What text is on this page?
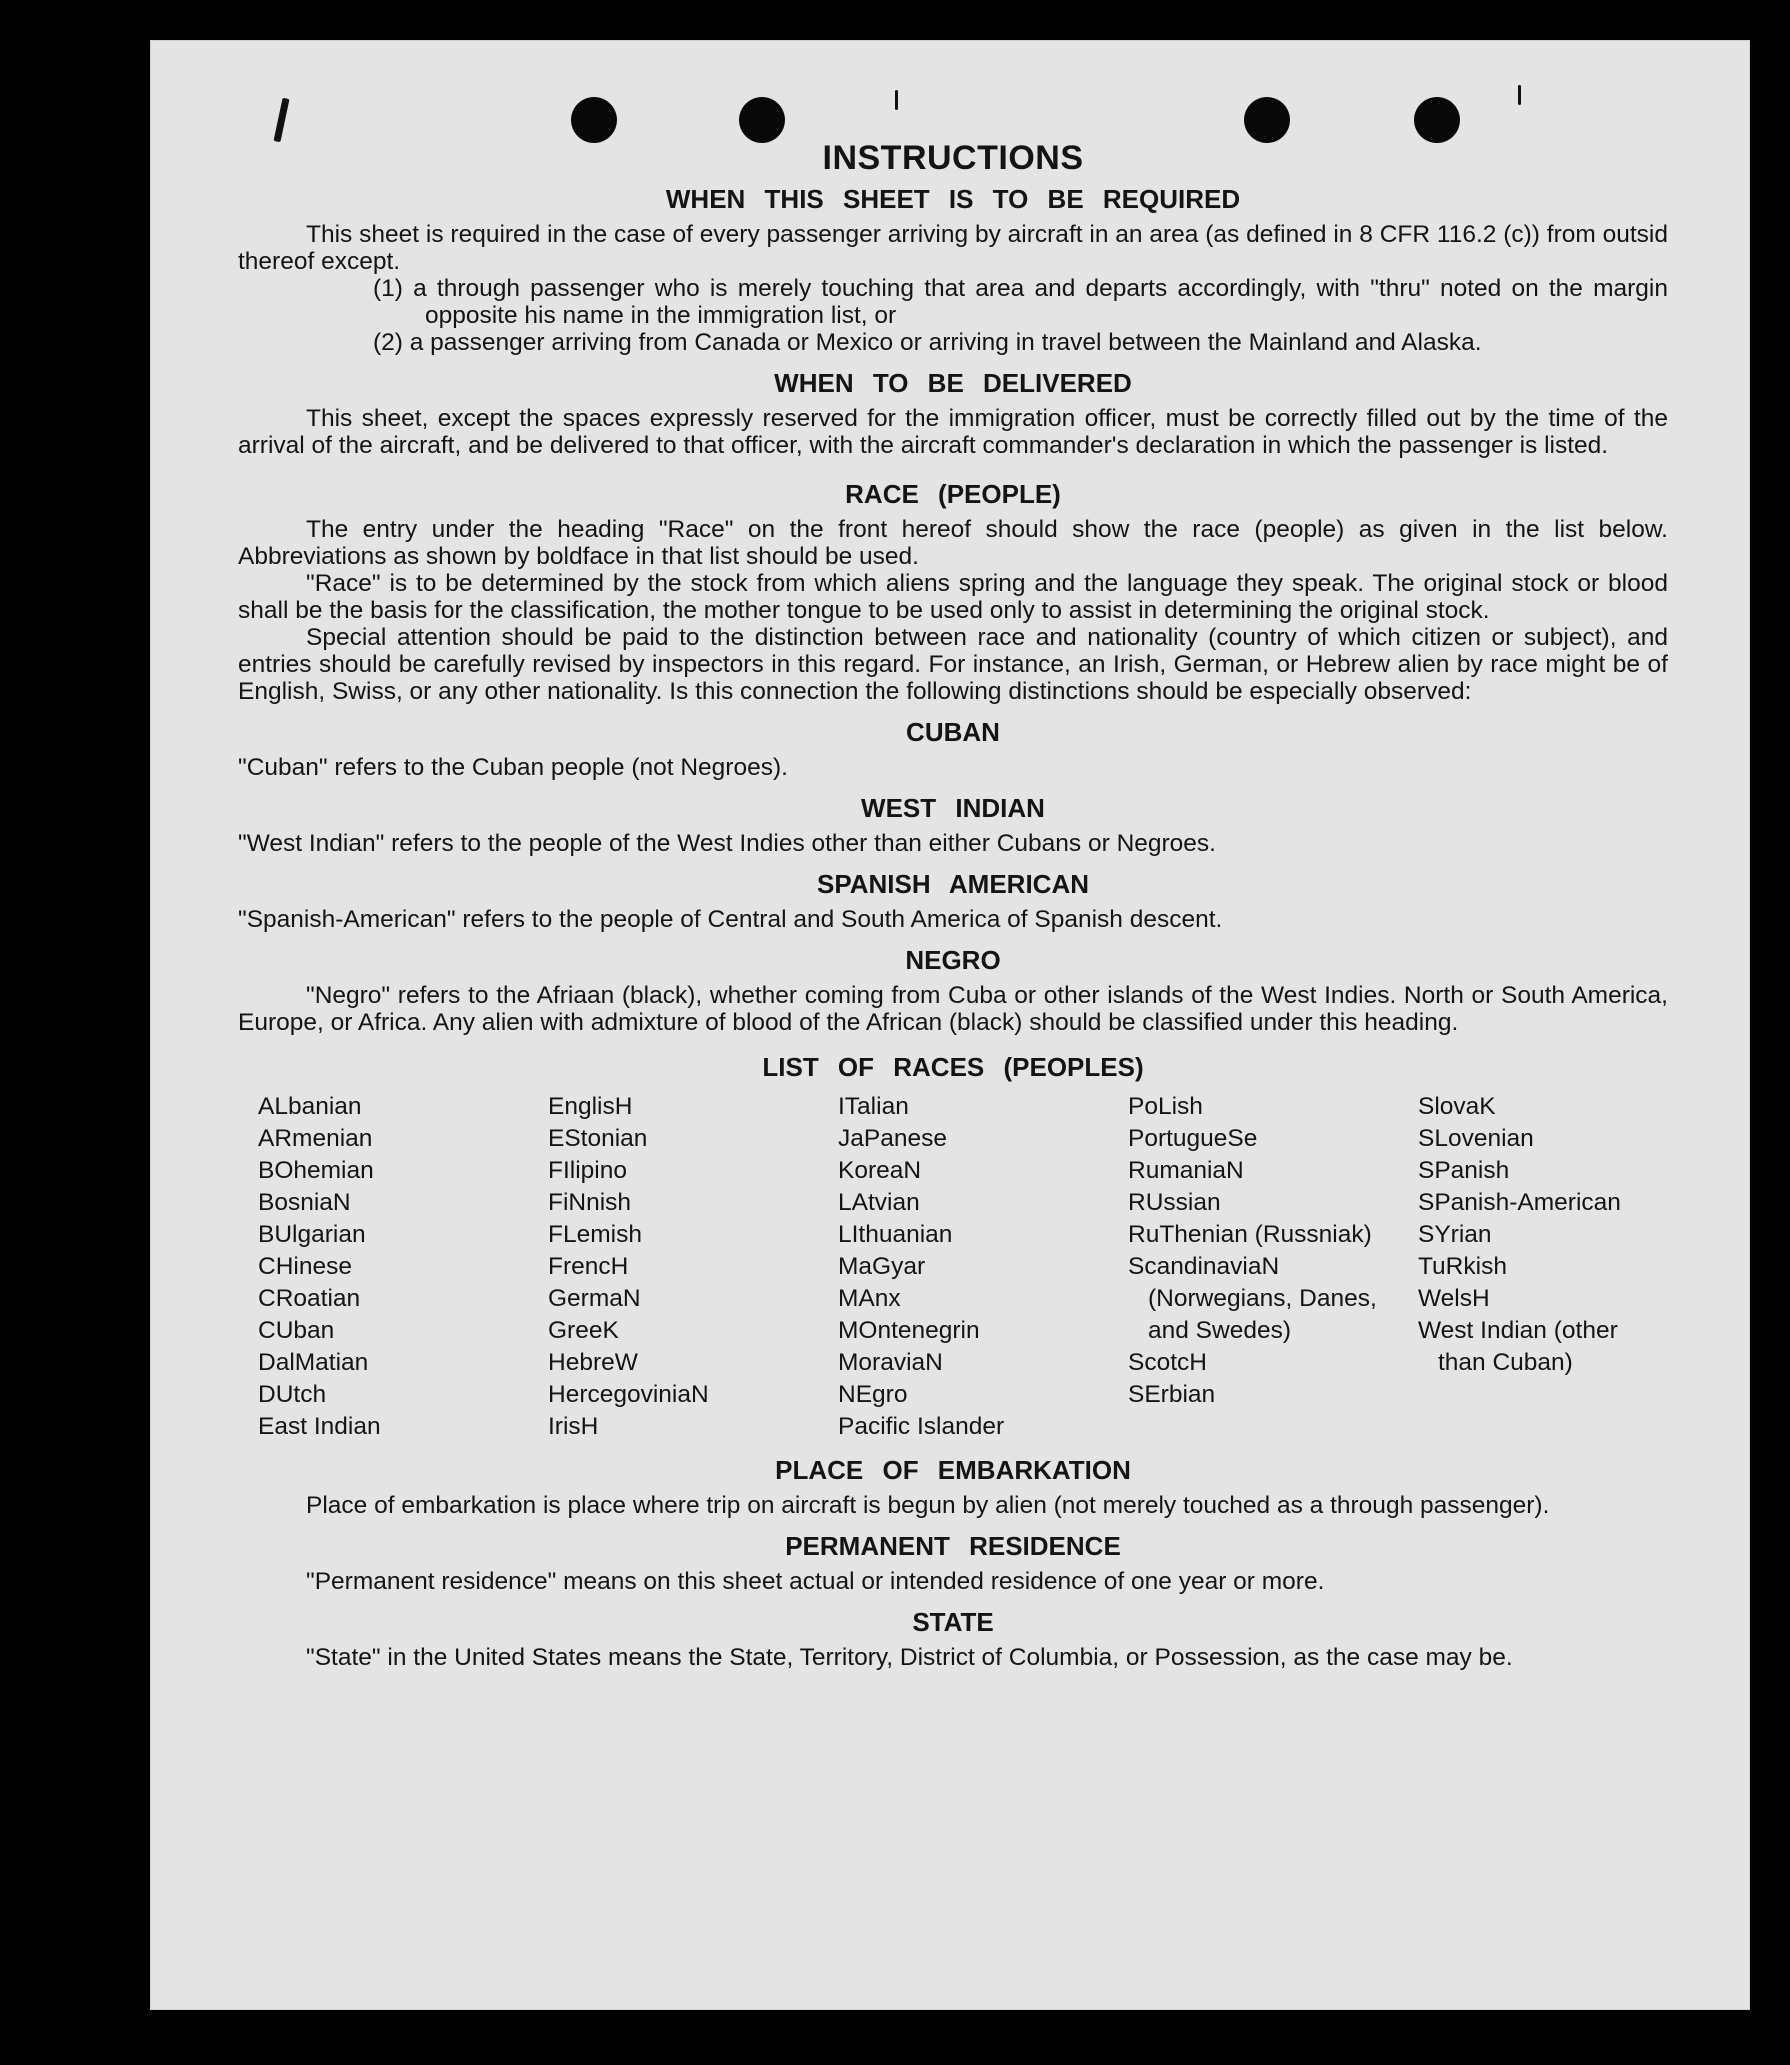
INSTRUCTIONS
WHEN THIS SHEET IS TO BE REQUIRED

This sheet is required in the case of every passenger arriving by aircraft in an area (as defined in 8 CFR 116.2 (c)) from outsid thereof except.

(1) a through passenger who is merely touching that area and departs accordingly, with "thru" noted on the margin opposite his name in the immigration list, or

(2) a passenger arriving from Canada or Mexico or arriving in travel between the Mainland and Alaska.

WHEN TO BE DELIVERED

This sheet, except the spaces expressly reserved for the immigration officer, must be correctly filled out by the time of the arrival of the aircraft, and be delivered to that officer, with the aircraft commander's declaration in which the passenger is listed.

RACE (PEOPLE)

The entry under the heading "Race" on the front hereof should show the race (people) as given in the list below. Abbreviations as shown by boldface in that list should be used.

"Race" is to be determined by the stock from which aliens spring and the language they speak. The original stock or blood shall be the basis for the classification, the mother tongue to be used only to assist in determining the original stock.

Special attention should be paid to the distinction between race and nationality (country of which citizen or subject), and entries should be carefully revised by inspectors in this regard. For instance, an Irish, German, or Hebrew alien by race might be of English, Swiss, or any other nationality. Is this connection the following distinctions should be especially observed:

CUBAN

"Cuban" refers to the Cuban people (not Negroes).

WEST INDIAN

"West Indian" refers to the people of the West Indies other than either Cubans or Negroes.

SPANISH AMERICAN

"Spanish-American" refers to the people of Central and South America of Spanish descent.

NEGRO

"Negro" refers to the Afriaan (black), whether coming from Cuba or other islands of the West Indies. North or South America, Europe, or Africa. Any alien with admixture of blood of the African (black) should be classified under this heading.

LIST OF RACES (PEOPLES)
ALbanian
ARmenian
BOhemian
BosniaN
BUlgarian
CHinese
CRoatian
CUban
DalMatian
DUtch
East Indian
EnglisH
EStonian
FIlipino
FiNnish
FLemish
FrencH
GermaN
GreeK
HebreW
HercegoviniaN
IrisH
ITalian
JaPanese
KoreaN
LAtvian
LIthuanian
MaGyar
MAnx
MOntenegrin
MoraviaN
NEgro
Pacific Islander
PoLish
PortugueSe
RumaniaN
RUssian
RuThenian (Russniak)
ScandinaviaN (Norwegians, Danes, and Swedes)
ScotcH
SErbian
SlovaK
SLovenian
SPanish
SPanish-American
SYrian
TuRkish
WelsH
West Indian (other than Cuban)
PLACE OF EMBARKATION

Place of embarkation is place where trip on aircraft is begun by alien (not merely touched as a through passenger).

PERMANENT RESIDENCE

"Permanent residence" means on this sheet actual or intended residence of one year or more.

STATE

"State" in the United States means the State, Territory, District of Columbia, or Possession, as the case may be.
